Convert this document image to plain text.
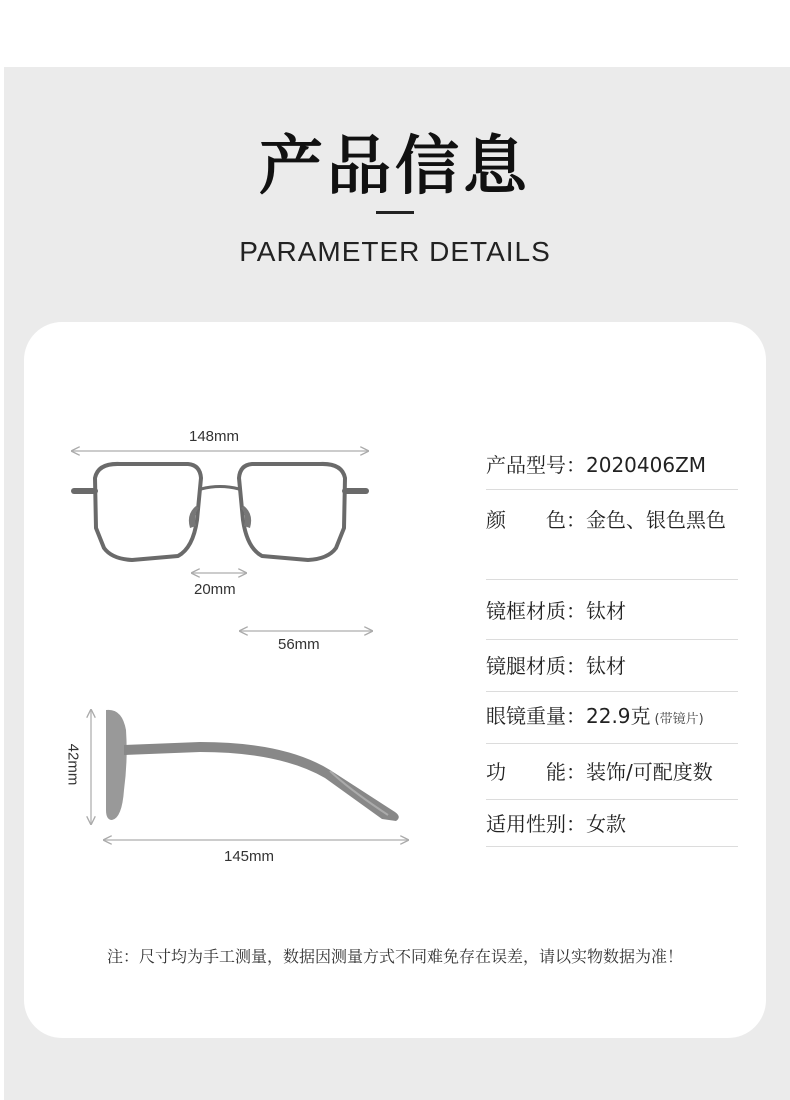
产品信息
PARAMETER DETAILS
148mm
20mm
56mm
42mm
145mm
产品型号：2020406ZM
颜　　色：金色、银色黑色
镜框材质：钛材
镜腿材质：钛材
眼镜重量：22.9克 (带镜片)
功　　能：装饰/可配度数
适用性别：女款
注：尺寸均为手工测量，数据因测量方式不同难免存在误差，请以实物数据为准！
